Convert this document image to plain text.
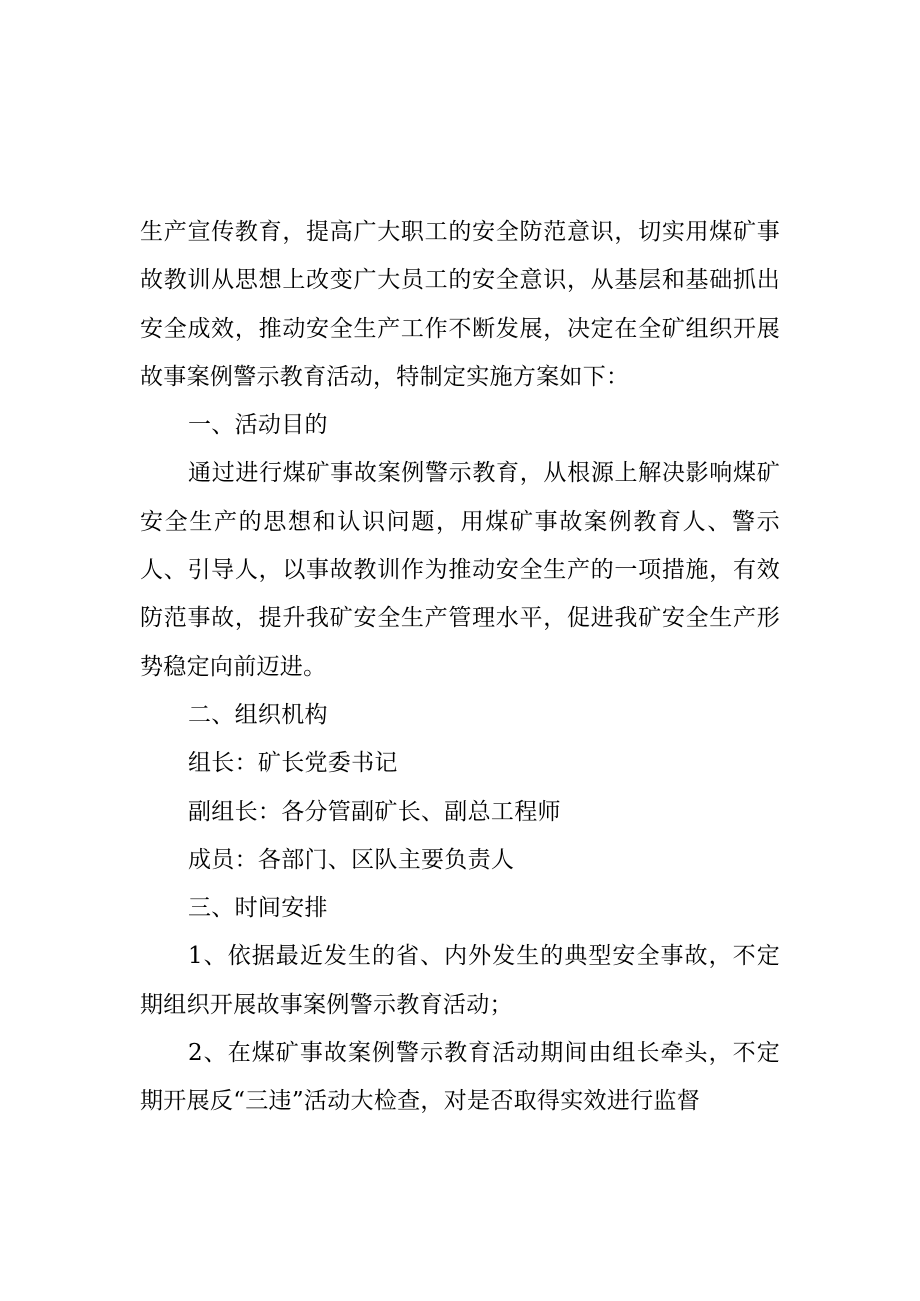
生产宣传教育，提高广大职工的安全防范意识，切实用煤矿事故教训从思想上改变广大员工的安全意识，从基层和基础抓出安全成效，推动安全生产工作不断发展，决定在全矿组织开展故事案例警示教育活动，特制定实施方案如下：

一、活动目的

通过进行煤矿事故案例警示教育，从根源上解决影响煤矿安全生产的思想和认识问题，用煤矿事故案例教育人、警示人、引导人，以事故教训作为推动安全生产的一项措施，有效防范事故，提升我矿安全生产管理水平，促进我矿安全生产形势稳定向前迈进。

二、组织机构

组长：矿长党委书记

副组长：各分管副矿长、副总工程师

成员：各部门、区队主要负责人

三、时间安排

1、依据最近发生的省、内外发生的典型安全事故，不定期组织开展故事案例警示教育活动；

2、在煤矿事故案例警示教育活动期间由组长牵头，不定期开展反“三违”活动大检查，对是否取得实效进行监督
